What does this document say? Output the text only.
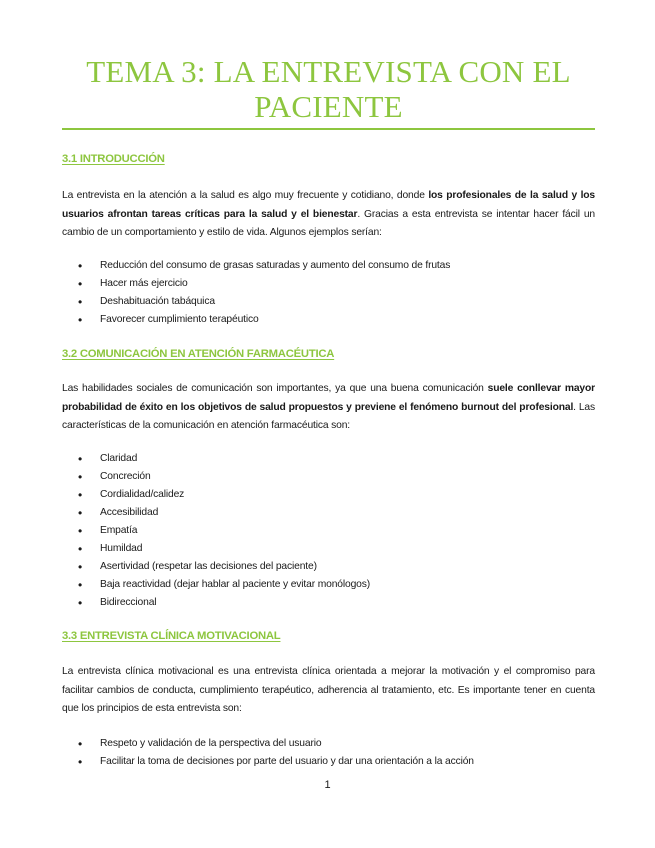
TEMA 3: LA ENTREVISTA CON EL PACIENTE
3.1 INTRODUCCIÓN
La entrevista en la atención a la salud es algo muy frecuente y cotidiano, donde los profesionales de la salud y los usuarios afrontan tareas críticas para la salud y el bienestar. Gracias a esta entrevista se intentar hacer fácil un cambio de un comportamiento y estilo de vida. Algunos ejemplos serían:
• Reducción del consumo de grasas saturadas y aumento del consumo de frutas
• Hacer más ejercicio
• Deshabituación tabáquica
• Favorecer cumplimiento terapéutico
3.2 COMUNICACIÓN EN ATENCIÓN FARMACÉUTICA
Las habilidades sociales de comunicación son importantes, ya que una buena comunicación suele conllevar mayor probabilidad de éxito en los objetivos de salud propuestos y previene el fenómeno burnout del profesional. Las características de la comunicación en atención farmacéutica son:
• Claridad
• Concreción
• Cordialidad/calidez
• Accesibilidad
• Empatía
• Humildad
• Asertividad (respetar las decisiones del paciente)
• Baja reactividad (dejar hablar al paciente y evitar monólogos)
• Bidireccional
3.3 ENTREVISTA CLÍNICA MOTIVACIONAL
La entrevista clínica motivacional es una entrevista clínica orientada a mejorar la motivación y el compromiso para facilitar cambios de conducta, cumplimiento terapéutico, adherencia al tratamiento, etc. Es importante tener en cuenta que los principios de esta entrevista son:
• Respeto y validación de la perspectiva del usuario
• Facilitar la toma de decisiones por parte del usuario y dar una orientación a la acción
1
